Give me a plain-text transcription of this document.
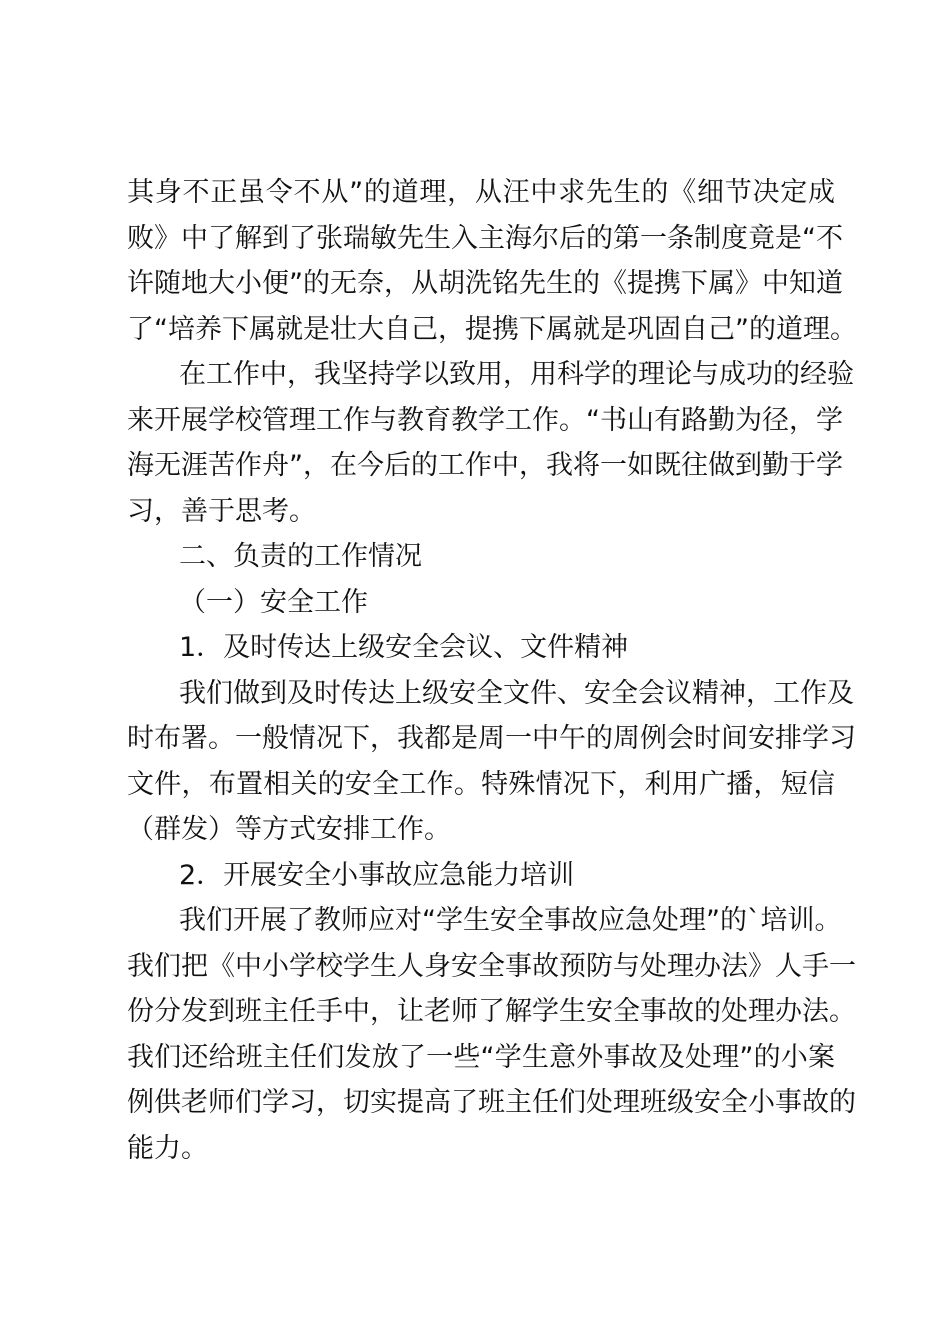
其身不正虽令不从”的道理，从汪中求先生的《细节决定成
败》中了解到了张瑞敏先生入主海尔后的第一条制度竟是“不
许随地大小便”的无奈，从胡洗铭先生的《提携下属》中知道
了“培养下属就是壮大自己，提携下属就是巩固自己”的道理。
在工作中，我坚持学以致用，用科学的理论与成功的经验
来开展学校管理工作与教育教学工作。“书山有路勤为径，学
海无涯苦作舟”，在今后的工作中，我将一如既往做到勤于学
习，善于思考。
二、负责的工作情况
（一）安全工作
1．及时传达上级安全会议、文件精神
我们做到及时传达上级安全文件、安全会议精神，工作及
时布署。一般情况下，我都是周一中午的周例会时间安排学习
文件，布置相关的安全工作。特殊情况下，利用广播，短信
（群发）等方式安排工作。
2．开展安全小事故应急能力培训
我们开展了教师应对“学生安全事故应急处理”的`培训。
我们把《中小学校学生人身安全事故预防与处理办法》人手一
份分发到班主任手中，让老师了解学生安全事故的处理办法。
我们还给班主任们发放了一些“学生意外事故及处理”的小案
例供老师们学习，切实提高了班主任们处理班级安全小事故的
能力。
